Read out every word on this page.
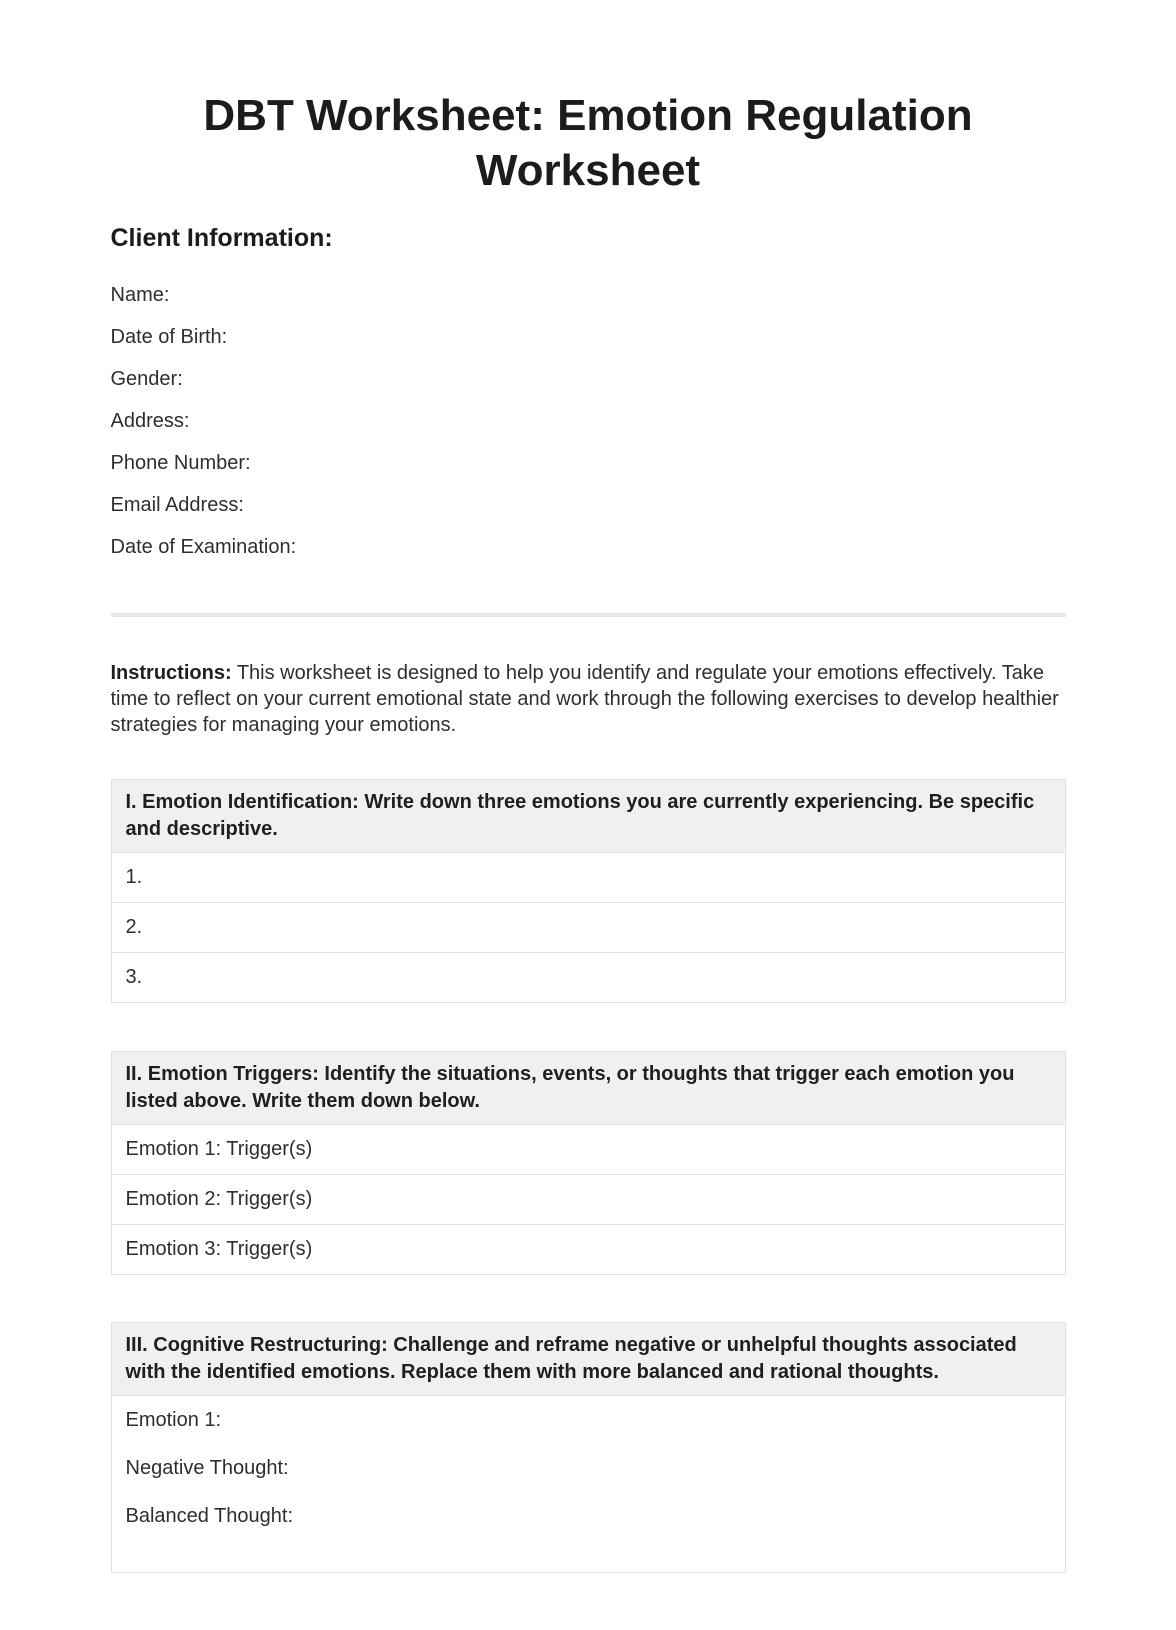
DBT Worksheet: Emotion Regulation Worksheet
Client Information:

Name:

Date of Birth:

Gender:

Address:

Phone Number:

Email Address:

Date of Examination:

Instructions: This worksheet is designed to help you identify and regulate your emotions effectively. Take time to reflect on your current emotional state and work through the following exercises to develop healthier strategies for managing your emotions.

I. Emotion Identification: Write down three emotions you are currently experiencing. Be specific and descriptive.
1.
2.
3.
II. Emotion Triggers: Identify the situations, events, or thoughts that trigger each emotion you listed above. Write them down below.
Emotion 1: Trigger(s)
Emotion 2: Trigger(s)
Emotion 3: Trigger(s)
III. Cognitive Restructuring: Challenge and reframe negative or unhelpful thoughts associated with the identified emotions. Replace them with more balanced and rational thoughts.

Emotion 1:

Negative Thought:

Balanced Thought:
